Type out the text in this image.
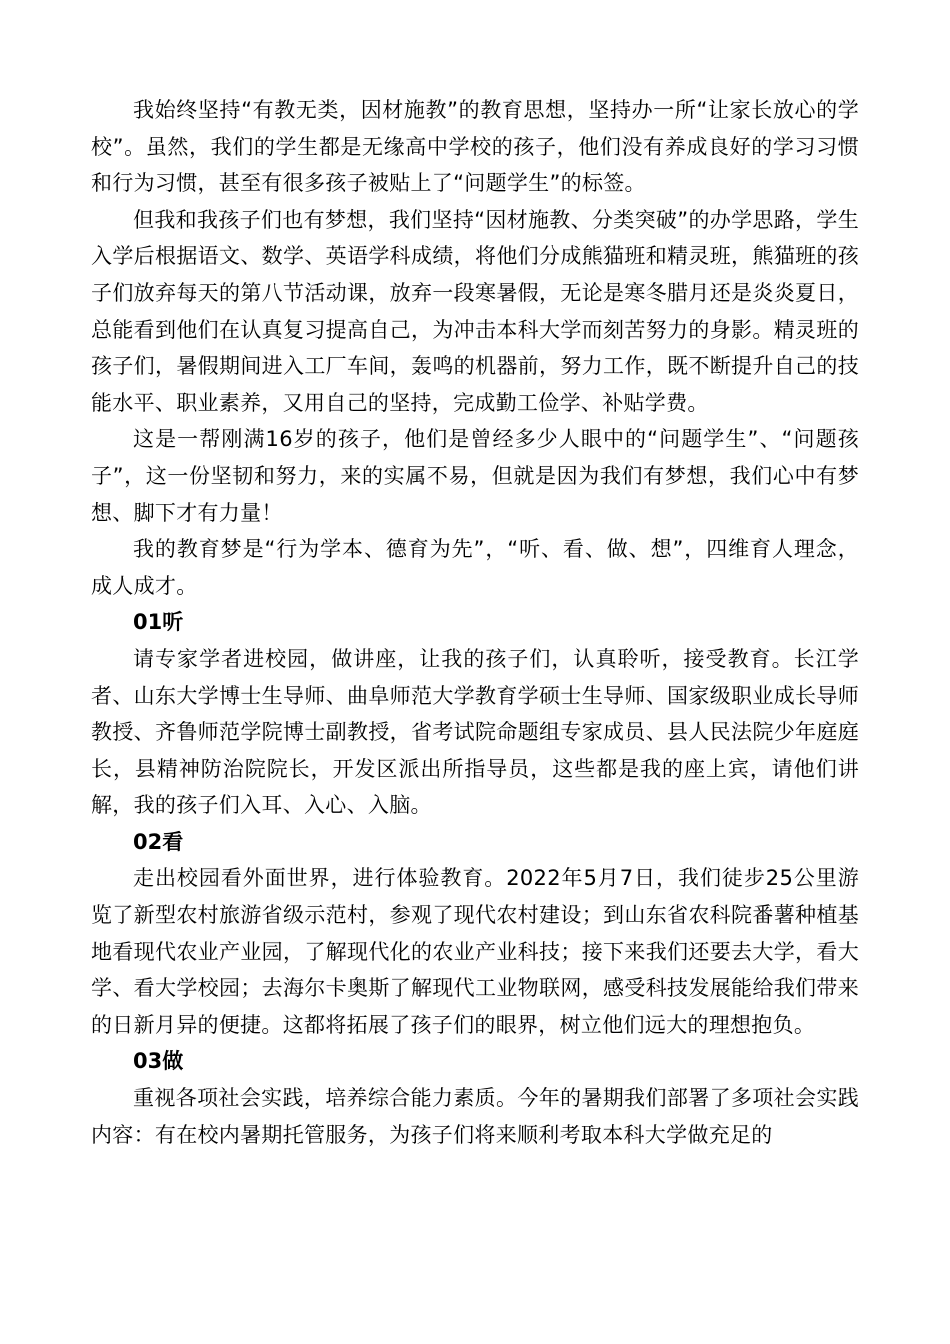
我始终坚持“有教无类，因材施教”的教育思想，坚持办一所“让家长放心的学校”。虽然，我们的学生都是无缘高中学校的孩子，他们没有养成良好的学习习惯和行为习惯，甚至有很多孩子被贴上了“问题学生”的标签。

但我和我孩子们也有梦想，我们坚持“因材施教、分类突破”的办学思路，学生入学后根据语文、数学、英语学科成绩，将他们分成熊猫班和精灵班，熊猫班的孩子们放弃每天的第八节活动课，放弃一段寒暑假，无论是寒冬腊月还是炎炎夏日，总能看到他们在认真复习提高自己，为冲击本科大学而刻苦努力的身影。精灵班的孩子们，暑假期间进入工厂车间，轰鸣的机器前，努力工作，既不断提升自己的技能水平、职业素养，又用自己的坚持，完成勤工俭学、补贴学费。

这是一帮刚满16岁的孩子，他们是曾经多少人眼中的“问题学生”、“问题孩子”，这一份坚韧和努力，来的实属不易，但就是因为我们有梦想，我们心中有梦想、脚下才有力量！

我的教育梦是“行为学本、德育为先”，“听、看、做、想”，四维育人理念，成人成才。

01听

请专家学者进校园，做讲座，让我的孩子们，认真聆听，接受教育。长江学者、山东大学博士生导师、曲阜师范大学教育学硕士生导师、国家级职业成长导师教授、齐鲁师范学院博士副教授，省考试院命题组专家成员、县人民法院少年庭庭长，县精神防治院院长，开发区派出所指导员，这些都是我的座上宾，请他们讲解，我的孩子们入耳、入心、入脑。

02看

走出校园看外面世界，进行体验教育。2022年5月7日，我们徒步25公里游览了新型农村旅游省级示范村，参观了现代农村建设；到山东省农科院番薯种植基地看现代农业产业园，了解现代化的农业产业科技；接下来我们还要去大学，看大学、看大学校园；去海尔卡奥斯了解现代工业物联网，感受科技发展能给我们带来的日新月异的便捷。这都将拓展了孩子们的眼界，树立他们远大的理想抱负。

03做

重视各项社会实践，培养综合能力素质。今年的暑期我们部署了多项社会实践内容：有在校内暑期托管服务，为孩子们将来顺利考取本科大学做充足的
